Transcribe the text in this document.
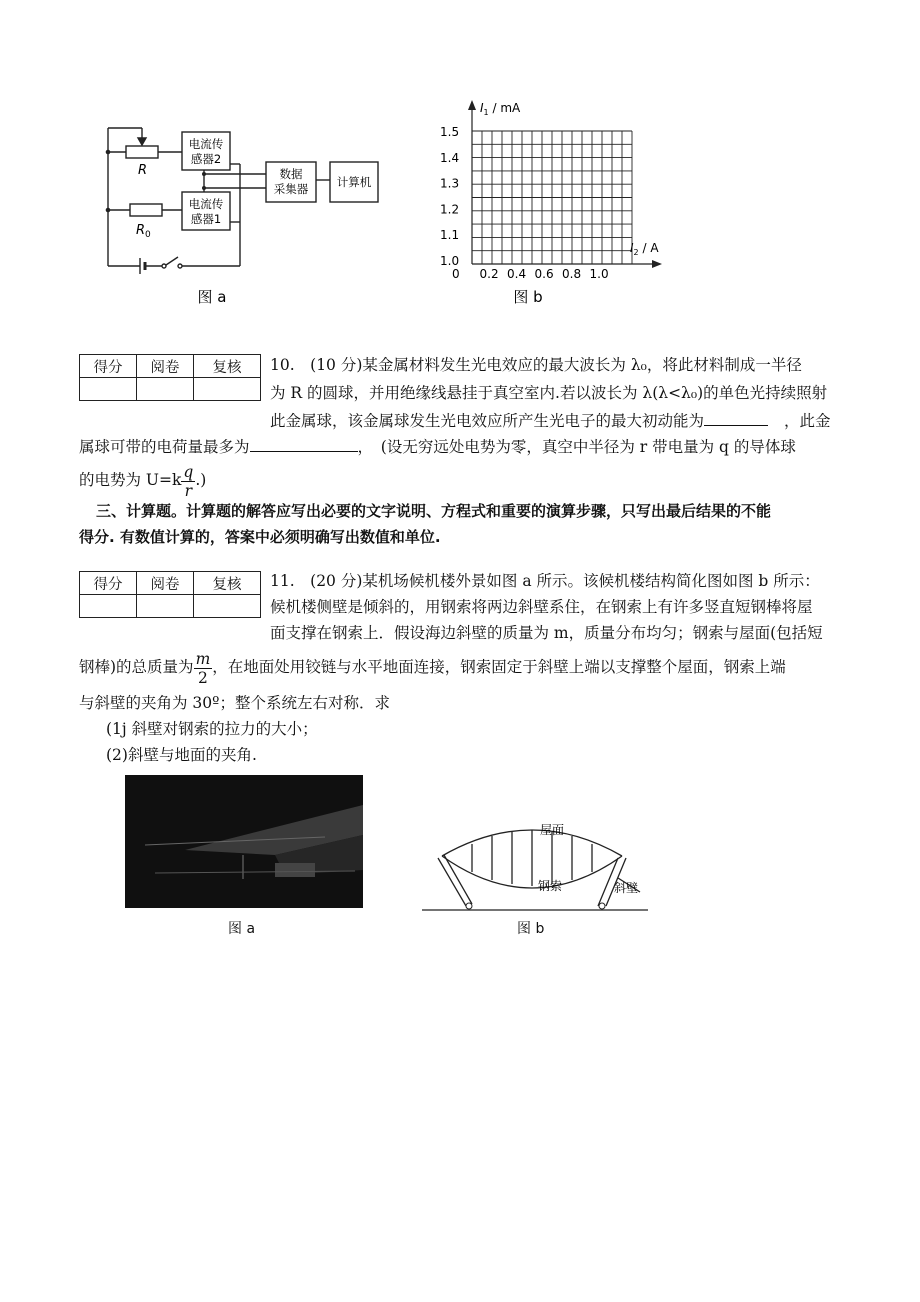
电流传
感器2
电流传
感器1
数据
采集器 计算机
R
$R_0$
图 a
$I_1$ / mA
$I_2$ / A
1.5
1.4
1.3
1.2
1.1
1.0
0 0.2 0.4 0.6 0.8 1.0
图 b
得分	阅卷	复核
		10.　(10 分)某金属材料发生光电效应的最大波长为 λ₀，将此材料制成一半径
为 R 的圆球，并用绝缘线悬挂于真空室内.若以波长为 λ(λ<λ₀)的单色光持续照射
此金属球，该金属球发生光电效应所产生光电子的最大初动能为	，此金
属球可带的电荷量最多为	，　(设无穷远处电势为零，真空中半径为 r 带电量为 q 的导体球
的电势为 $U=k \frac{q}{r}$ .)
三、计算题。计算题的解答应写出必要的文字说明、方程式和重要的演算步骤，只写出最后结果的不能
得分. 有数值计算的，答案中必须明确写出数值和单位.
得分	阅卷	复核
		11.　(20 分)某机场候机楼外景如图 a 所示。该候机楼结构简化图如图 b 所示：
候机楼侧壁是倾斜的，用钢索将两边斜壁系住，在钢索上有许多竖直短钢棒将屋
面支撑在钢索上．假设海边斜壁的质量为 m，质量分布均匀；钢索与屋面(包括短
钢棒)的总质量为 $\frac{m}{2}$ ，在地面处用铰链与水平地面连接，钢索固定于斜壁上端以支撑整个屋面，钢索上端
与斜壁的夹角为 30º；整个系统左右对称．求
(1j 斜壁对钢索的拉力的大小；
(2)斜壁与地面的夹角.
图 a
屋面
钢索	斜壁
图 b
